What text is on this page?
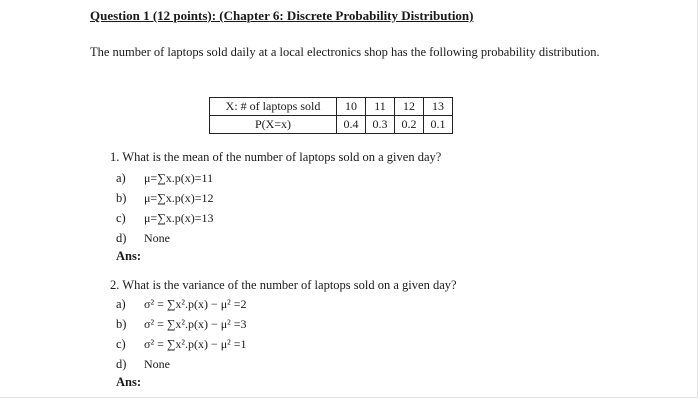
Question 1 (12 points): (Chapter 6: Discrete Probability Distribution)
The number of laptops sold daily at a local electronics shop has the following probability distribution.
X: # of laptops sold	10	11	12	13
P(X=x)	0.4	0.3	0.2	0.1
1. What is the mean of the number of laptops sold on a given day?
a) μ=∑x.p(x)=11
b) μ=∑x.p(x)=12
c) μ=∑x.p(x)=13
d) None
Ans:
2. What is the variance of the number of laptops sold on a given day?
a) σ² = ∑x².p(x) − μ² =2
b) σ² = ∑x².p(x) − μ² =3
c) σ² = ∑x².p(x) − μ² =1
d) None
Ans:
